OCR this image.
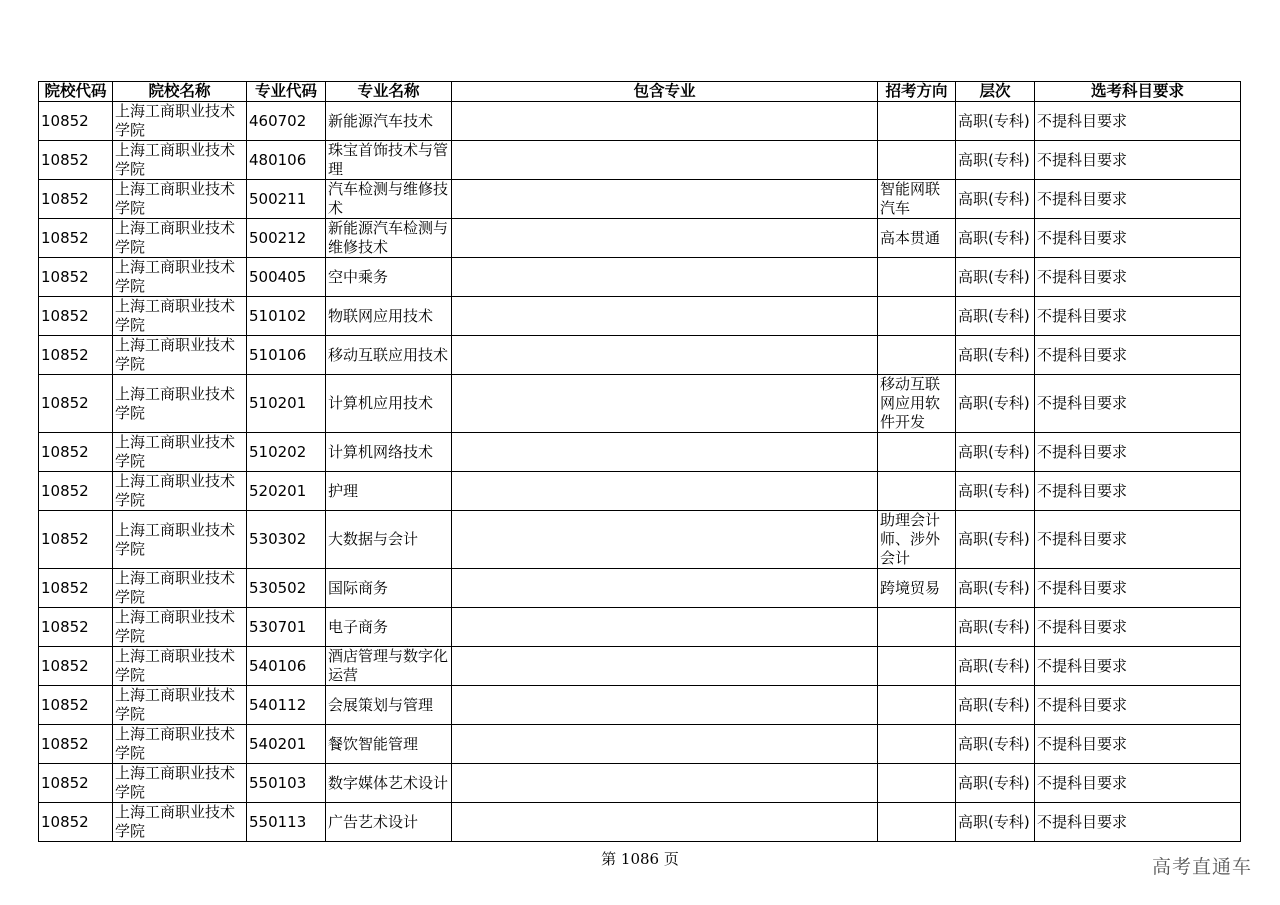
院校代码	院校名称	专业代码	专业名称	包含专业	招考方向	层次	选考科目要求
10852	上海工商职业技术学院	460702	新能源汽车技术			高职(专科)	不提科目要求
10852	上海工商职业技术学院	480106	珠宝首饰技术与管理			高职(专科)	不提科目要求
10852	上海工商职业技术学院	500211	汽车检测与维修技术		智能网联汽车	高职(专科)	不提科目要求
10852	上海工商职业技术学院	500212	新能源汽车检测与维修技术		高本贯通	高职(专科)	不提科目要求
10852	上海工商职业技术学院	500405	空中乘务			高职(专科)	不提科目要求
10852	上海工商职业技术学院	510102	物联网应用技术			高职(专科)	不提科目要求
10852	上海工商职业技术学院	510106	移动互联应用技术			高职(专科)	不提科目要求
10852	上海工商职业技术学院	510201	计算机应用技术		移动互联网应用软件开发	高职(专科)	不提科目要求
10852	上海工商职业技术学院	510202	计算机网络技术			高职(专科)	不提科目要求
10852	上海工商职业技术学院	520201	护理			高职(专科)	不提科目要求
10852	上海工商职业技术学院	530302	大数据与会计		助理会计师、涉外会计	高职(专科)	不提科目要求
10852	上海工商职业技术学院	530502	国际商务		跨境贸易	高职(专科)	不提科目要求
10852	上海工商职业技术学院	530701	电子商务			高职(专科)	不提科目要求
10852	上海工商职业技术学院	540106	酒店管理与数字化运营			高职(专科)	不提科目要求
10852	上海工商职业技术学院	540112	会展策划与管理			高职(专科)	不提科目要求
10852	上海工商职业技术学院	540201	餐饮智能管理			高职(专科)	不提科目要求
10852	上海工商职业技术学院	550103	数字媒体艺术设计			高职(专科)	不提科目要求
10852	上海工商职业技术学院	550113	广告艺术设计			高职(专科)	不提科目要求
第 1086 页	高考直通车
